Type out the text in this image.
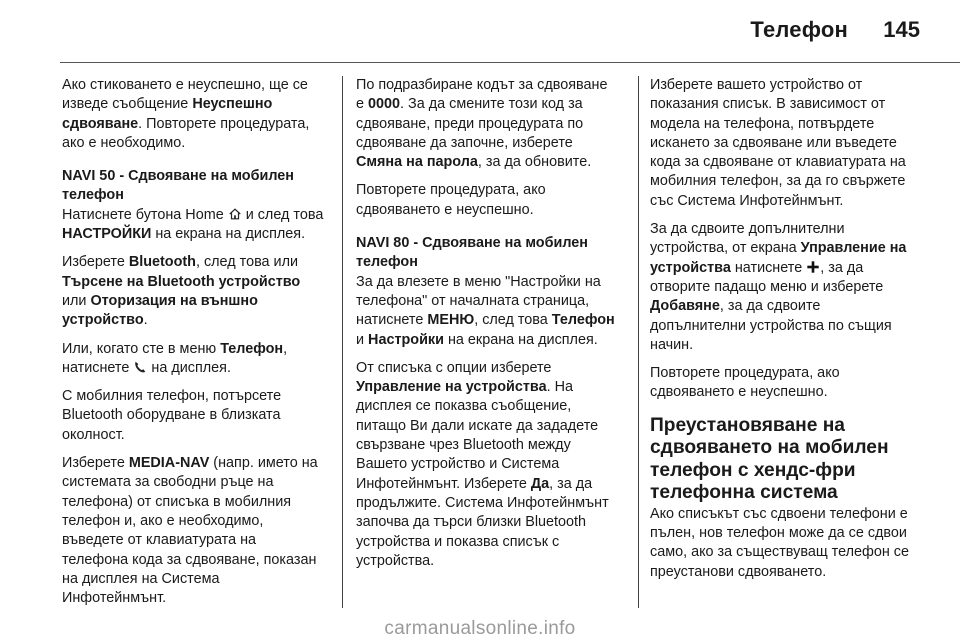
Телефон 145

Ако стиковането е неуспешно, ще се изведе съобщение Неуспешно сдвояване. Повторете процедурата, ако е необходимо.

NAVI 50 - Сдвояване на мобилен телефон

Натиснете бутона Home  и след това НАСТРОЙКИ на екрана на дисплея.

Изберете Bluetooth, след това или Търсене на Bluetooth устройство или Оторизация на външно устройство.

Или, когато сте в меню Телефон, натиснете  на дисплея.

С мобилния телефон, потърсете Bluetooth оборудване в близката околност.

Изберете MEDIA-NAV (напр. името на системата за свободни ръце на телефона) от списъка в мобилния телефон и, ако е необходимо, въведете от клавиатурата на телефона кода за сдвояване, показан на дисплея на Система Инфотейнмънт.

По подразбиране кодът за сдвояване е 0000. За да смените този код за сдвояване, преди процедурата по сдвояване да започне, изберете Смяна на парола, за да обновите.

Повторете процедурата, ако сдвояването е неуспешно.

NAVI 80 - Сдвояване на мобилен телефон

За да влезете в меню "Настройки на телефона" от началната страница, натиснете МЕНЮ, след това Телефон и Настройки на екрана на дисплея.

От списъка с опции изберете Управление на устройства. На дисплея се показва съобщение, питащо Ви дали искате да зададете свързване чрез Bluetooth между Вашето устройство и Система Инфотейнмънт. Изберете Да, за да продължите. Система Инфотейнмънт започва да търси близки Bluetooth устройства и показва списък с устройства.

Изберете вашето устройство от показания списък. В зависимост от модела на телефона, потвърдете искането за сдвояване или въведете кода за сдвояване от клавиатурата на мобилния телефон, за да го свържете със Система Инфотейнмънт.

За да сдвоите допълнителни устройства, от екрана Управление на устройства натиснете , за да отворите падащо меню и изберете Добавяне, за да сдвоите допълнителни устройства по същия начин.

Повторете процедурата, ако сдвояването е неуспешно.

Преустановяване на сдвояването на мобилен телефон с хендс-фри телефонна система

Ако списъкът със сдвоени телефони е пълен, нов телефон може да се сдвои само, ако за съществуващ телефон се преустанови сдвояването.

carmanualsonline.info
